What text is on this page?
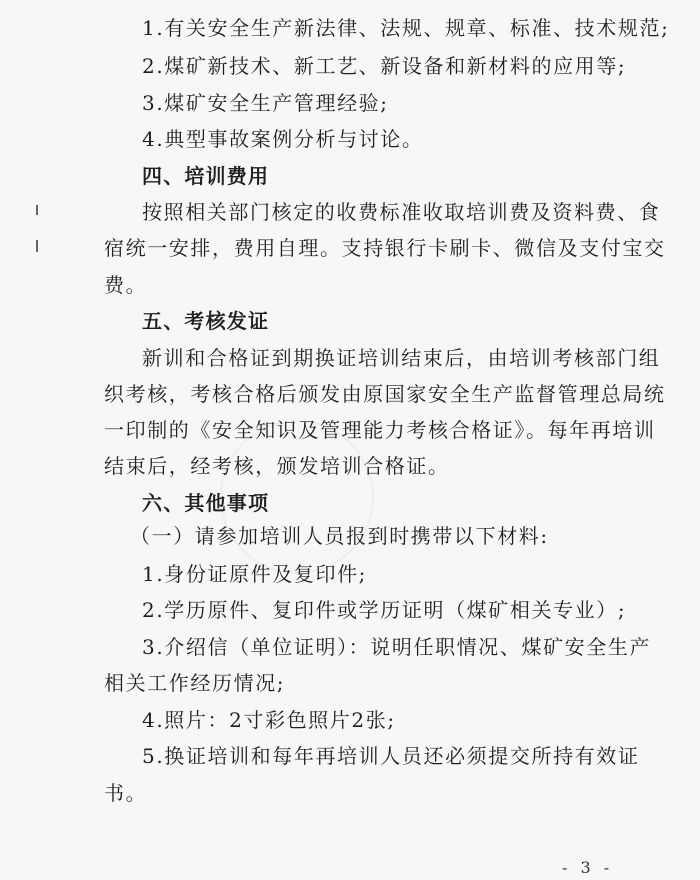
1.有关安全生产新法律、法规、规章、标准、技术规范;
2.煤矿新技术、新工艺、新设备和新材料的应用等;
3.煤矿安全生产管理经验;
4.典型事故案例分析与讨论。
四、培训费用
按照相关部门核定的收费标准收取培训费及资料费、食
宿统一安排，费用自理。支持银行卡刷卡、微信及支付宝交
费。
五、考核发证
新训和合格证到期换证培训结束后，由培训考核部门组
织考核，考核合格后颁发由原国家安全生产监督管理总局统
一印制的《安全知识及管理能力考核合格证》。每年再培训
结束后，经考核，颁发培训合格证。
六、其他事项
（一）请参加培训人员报到时携带以下材料:
1.身份证原件及复印件;
2.学历原件、复印件或学历证明（煤矿相关专业）;
3.介绍信（单位证明）：说明任职情况、煤矿安全生产
相关工作经历情况;
4.照片：2寸彩色照片2张;
5.换证培训和每年再培训人员还必须提交所持有效证
书。
- 3 -
